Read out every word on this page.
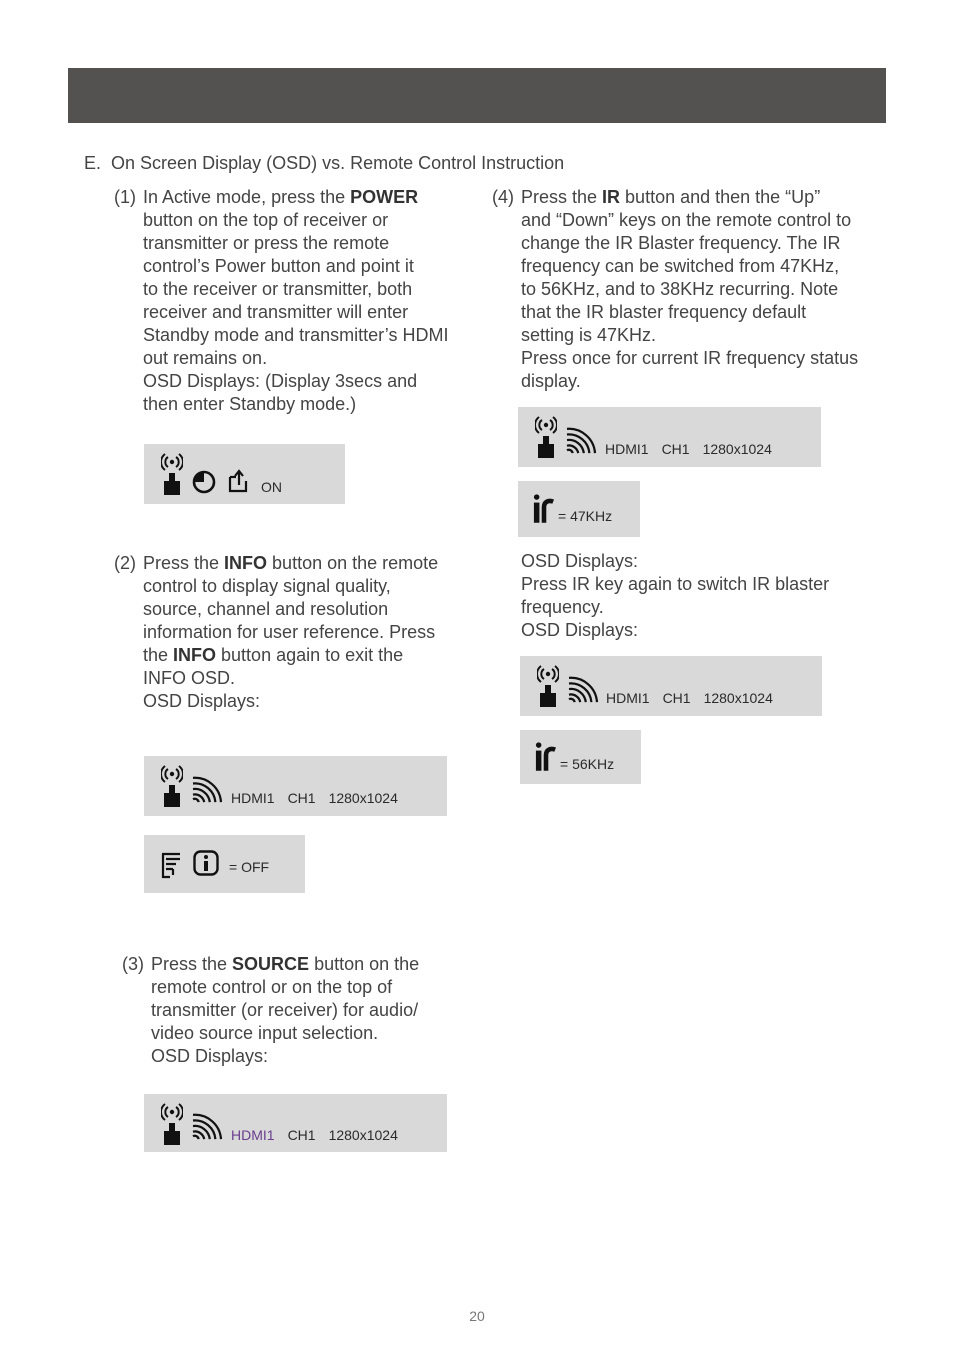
E. On Screen Display (OSD) vs. Remote Control Instruction
(1) In Active mode, press the POWER

button on the top of receiver or

transmitter or press the remote

control’s Power button and point it

to the receiver or transmitter, both

receiver and transmitter will enter

Standby mode and transmitter’s HDMI

out remains on.

OSD Displays: (Display 3secs and

then enter Standby mode.)

ON
(2) Press the INFO button on the remote

control to display signal quality,

source, channel and resolution

information for user reference. Press

the INFO button again to exit the

INFO OSD.

OSD Displays:

HDMI1 CH1 1280x1024
= OFF
(3) Press the SOURCE button on the

remote control or on the top of

transmitter (or receiver) for audio/

video source input selection.

OSD Displays:

HDMI1 CH1 1280x1024
(4) Press the IR button and then the “Up”

and “Down” keys on the remote control to

change the IR Blaster frequency. The IR

frequency can be switched from 47KHz,

to 56KHz, and to 38KHz recurring. Note

that the IR blaster frequency default

setting is 47KHz.

Press once for current IR frequency status

display.

HDMI1 CH1 1280x1024
= 47KHz
OSD Displays:
Press IR key again to switch IR blaster
frequency.
OSD Displays:
HDMI1 CH1 1280x1024
= 56KHz
20
